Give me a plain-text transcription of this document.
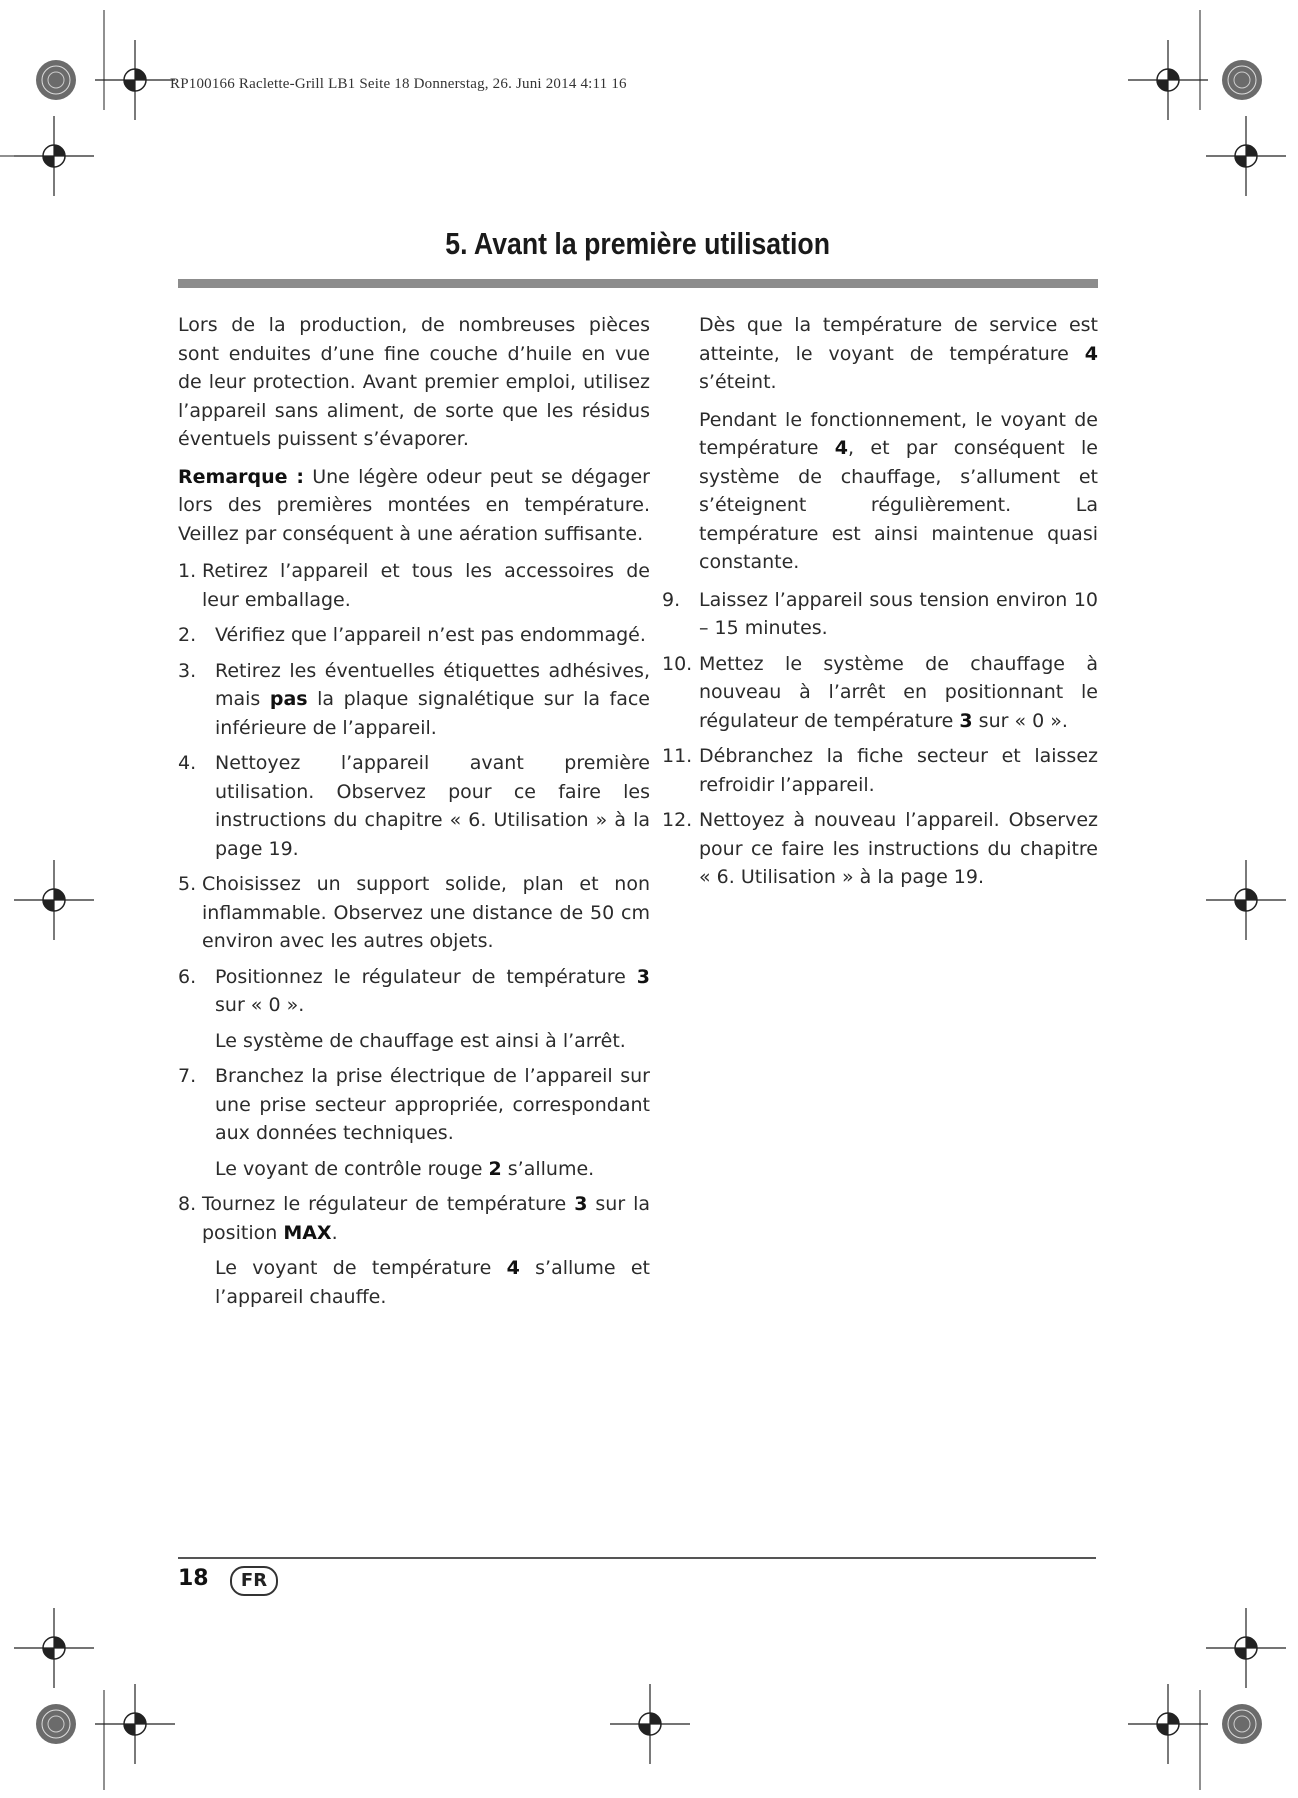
RP100166 Raclette-Grill LB1 Seite 18 Donnerstag, 26. Juni 2014 4:11 16
5. Avant la première utilisation

Lors de la production, de nombreuses pièces sont enduites d’une fine couche d’huile en vue de leur protection. Avant premier emploi, utilisez l’appareil sans aliment, de sorte que les résidus éventuels puissent s’évaporer.

Remarque : Une légère odeur peut se dégager lors des premières montées en température. Veillez par conséquent à une aération suffisante.

1. Retirez l’appareil et tous les accessoires de leur emballage.
2. Vérifiez que l’appareil n’est pas endommagé.
3. Retirez les éventuelles étiquettes adhésives, mais pas la plaque signalétique sur la face inférieure de l’appareil.
4. Nettoyez l’appareil avant première utilisation. Observez pour ce faire les instructions du chapitre « 6. Utilisation » à la page 19.
5. Choisissez un support solide, plan et non inflammable. Observez une distance de 50 cm environ avec les autres objets.
6. Positionnez le régulateur de température 3 sur « 0 ».
Le système de chauffage est ainsi à l’arrêt.
7. Branchez la prise électrique de l’appareil sur une prise secteur appropriée, correspondant aux données techniques.
Le voyant de contrôle rouge 2 s’allume.
8. Tournez le régulateur de température 3 sur la position MAX.
Le voyant de température 4 s’allume et l’appareil chauffe.

Dès que la température de service est atteinte, le voyant de température 4 s’éteint.

Pendant le fonctionnement, le voyant de température 4, et par conséquent le système de chauffage, s’allument et s’éteignent régulièrement. La température est ainsi maintenue quasi constante.

9. Laissez l’appareil sous tension environ 10 – 15 minutes.
10. Mettez le système de chauffage à nouveau à l’arrêt en positionnant le régulateur de température 3 sur « 0 ».
11. Débranchez la fiche secteur et laissez refroidir l’appareil.
12. Nettoyez à nouveau l’appareil. Observez pour ce faire les instructions du chapitre « 6. Utilisation » à la page 19.
18	FR
